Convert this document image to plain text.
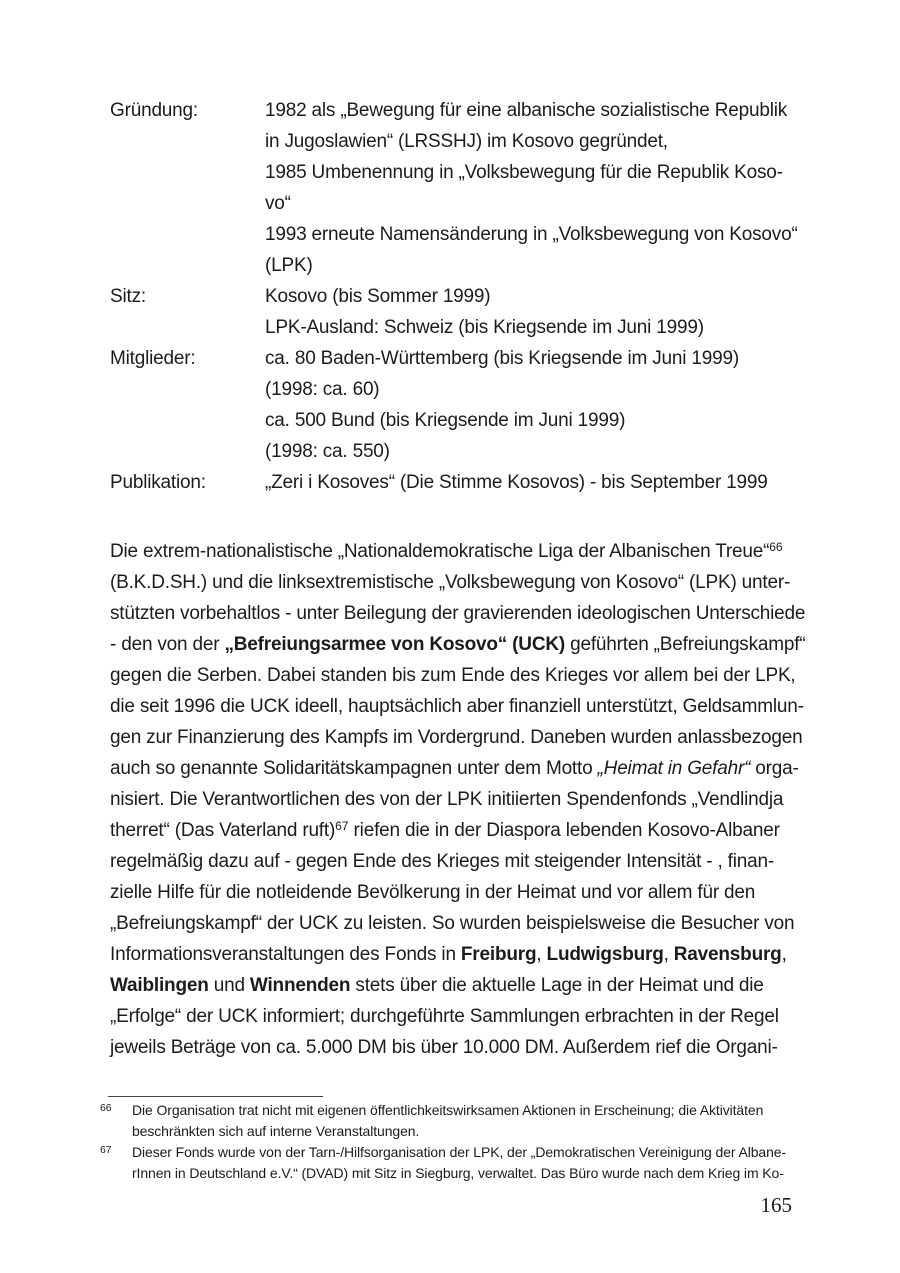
Gründung:	1982 als „Bewegung für eine albanische sozialistische Republik
in Jugoslawien“ (LRSSHJ) im Kosovo gegründet,
1985 Umbenennung in „Volksbewegung für die Republik Koso-
vo“
1993 erneute Namensänderung in „Volksbewegung von Kosovo“
(LPK)
Sitz:	Kosovo (bis Sommer 1999)
LPK-Ausland: Schweiz (bis Kriegsende im Juni 1999)
Mitglieder:	ca. 80 Baden-Württemberg (bis Kriegsende im Juni 1999)
(1998: ca. 60)
ca. 500 Bund (bis Kriegsende im Juni 1999)
(1998: ca. 550)
Publikation:	„Zeri i Kosoves“ (Die Stimme Kosovos) - bis September 1999
Die extrem-nationalistische „Nationaldemokratische Liga der Albanischen Treue“$^{66}$
(B.K.D.SH.) und die linksextremistische „Volksbewegung von Kosovo“ (LPK) unter-
stützten vorbehaltlos - unter Beilegung der gravierenden ideologischen Unterschiede
- den von der „Befreiungsarmee von Kosovo“ (UCK) geführten „Befreiungskampf“
gegen die Serben. Dabei standen bis zum Ende des Krieges vor allem bei der LPK,
die seit 1996 die UCK ideell, hauptsächlich aber finanziell unterstützt, Geldsammlun-
gen zur Finanzierung des Kampfs im Vordergrund. Daneben wurden anlassbezogen
auch so genannte Solidaritätskampagnen unter dem Motto „Heimat in Gefahr“ orga-
nisiert. Die Verantwortlichen des von der LPK initiierten Spendenfonds „Vendlindja
therret“ (Das Vaterland ruft)$^{67}$ riefen die in der Diaspora lebenden Kosovo-Albaner
regelmäßig dazu auf - gegen Ende des Krieges mit steigender Intensität - , finan-
zielle Hilfe für die notleidende Bevölkerung in der Heimat und vor allem für den
„Befreiungskampf“ der UCK zu leisten. So wurden beispielsweise die Besucher von
Informationsveranstaltungen des Fonds in Freiburg, Ludwigsburg, Ravensburg,
Waiblingen und Winnenden stets über die aktuelle Lage in der Heimat und die
„Erfolge“ der UCK informiert; durchgeführte Sammlungen erbrachten in der Regel
jeweils Beträge von ca. 5.000 DM bis über 10.000 DM. Außerdem rief die Organi-
66 Die Organisation trat nicht mit eigenen öffentlichkeitswirksamen Aktionen in Erscheinung; die Aktivitäten
beschränkten sich auf interne Veranstaltungen.
67 Dieser Fonds wurde von der Tarn-/Hilfsorganisation der LPK, der „Demokratischen Vereinigung der Albane-
rInnen in Deutschland e.V.“ (DVAD) mit Sitz in Siegburg, verwaltet. Das Büro wurde nach dem Krieg im Ko-
165
